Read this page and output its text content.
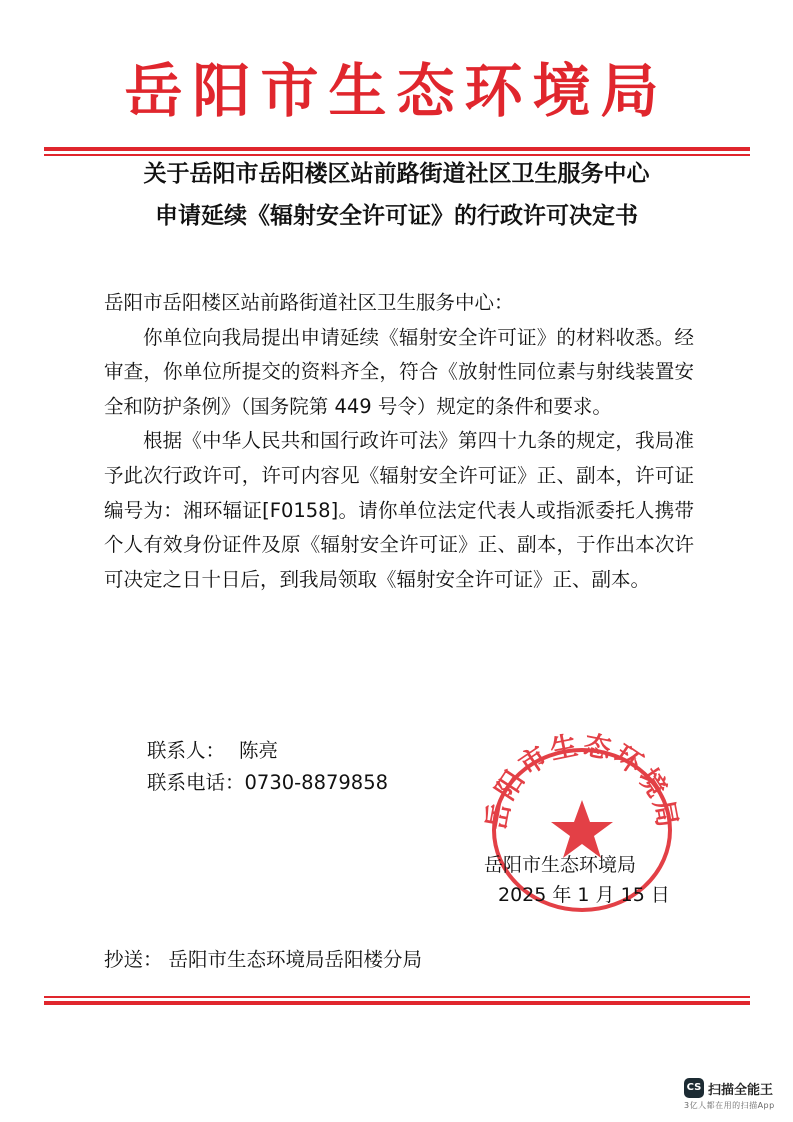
岳阳市生态环境局
关于岳阳市岳阳楼区站前路街道社区卫生服务中心
申请延续《辐射安全许可证》的行政许可决定书

岳阳市岳阳楼区站前路街道社区卫生服务中心：

你单位向我局提出申请延续《辐射安全许可证》的材料收悉。经审查，你单位所提交的资料齐全，符合《放射性同位素与射线装置安全和防护条例》（国务院第 449 号令）规定的条件和要求。

根据《中华人民共和国行政许可法》第四十九条的规定，我局准予此次行政许可，许可内容见《辐射安全许可证》正、副本，许可证编号为：湘环辐证[F0158]。请你单位法定代表人或指派委托人携带个人有效身份证件及原《辐射安全许可证》正、副本，于作出本次许可决定之日十日后，到我局领取《辐射安全许可证》正、副本。

联系人： 陈亮
联系电话：0730-8879858
岳阳市生态环境局
岳阳市生态环境局
2025 年 1 月 15 日
抄送： 岳阳市生态环境局岳阳楼分局
CS 扫描全能王
3亿人都在用的扫描App
